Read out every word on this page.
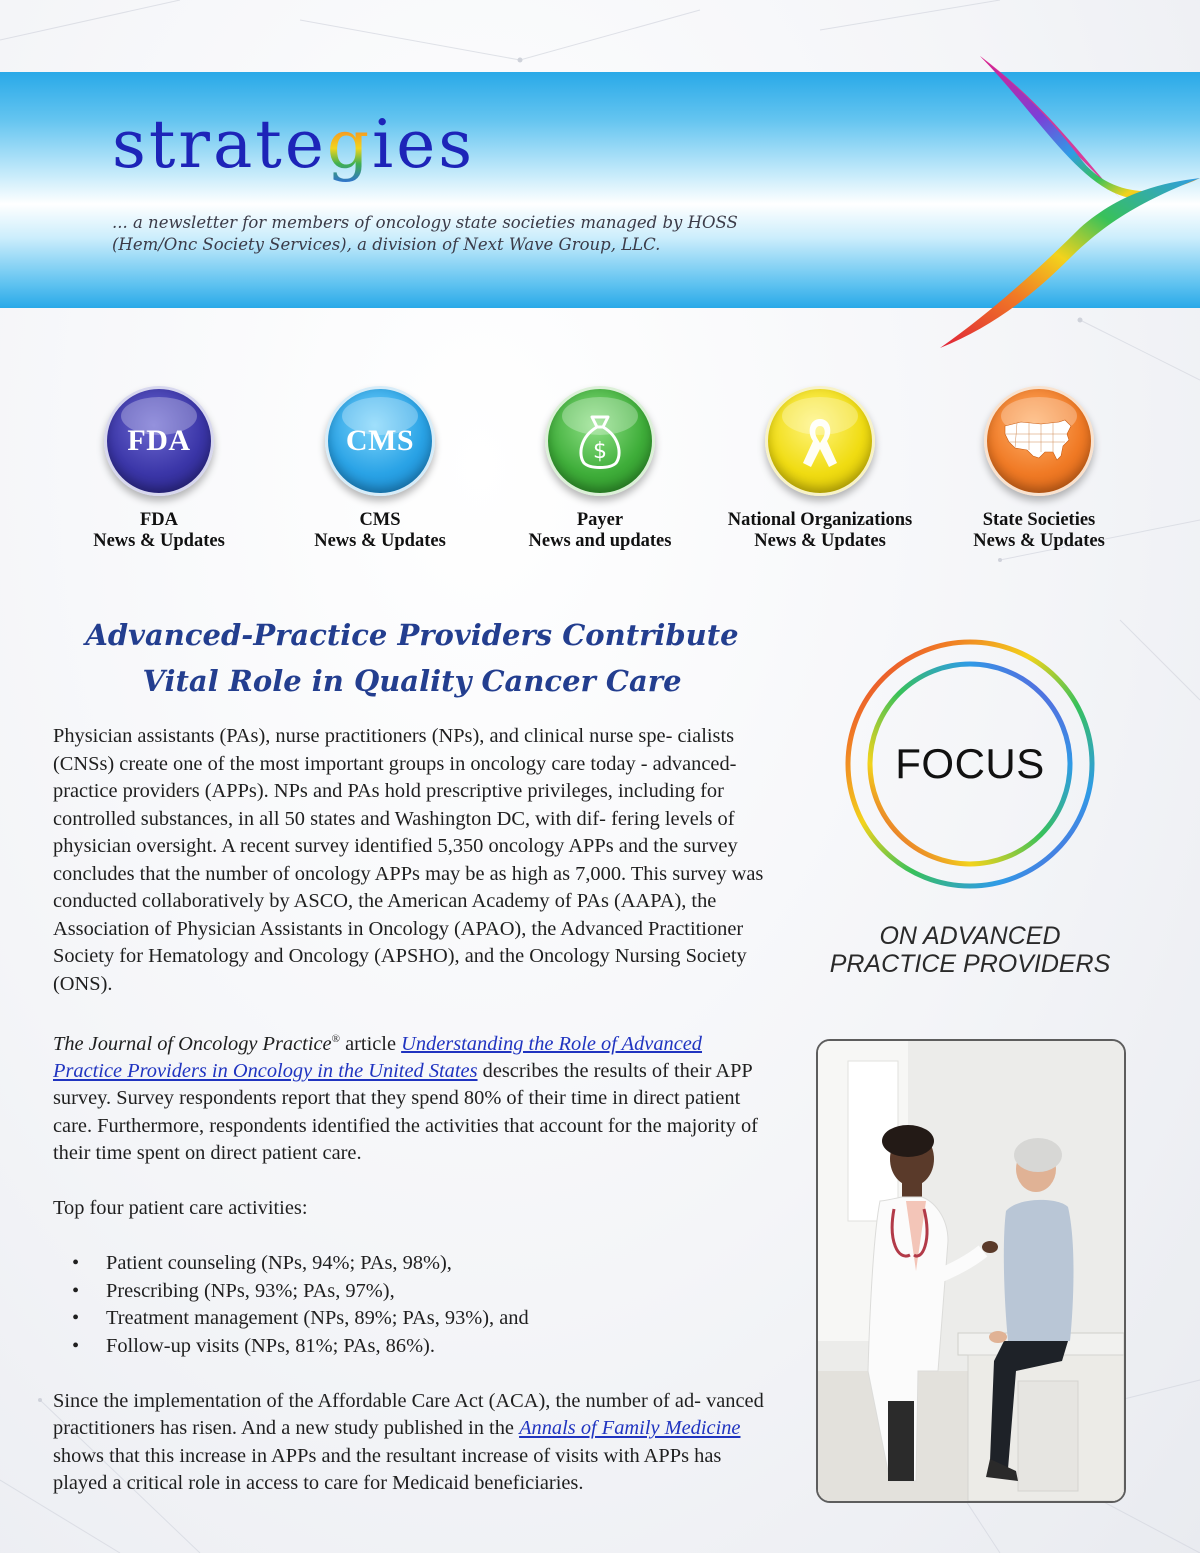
strategies
... a newsletter for members of oncology state societies managed by HOSS
(Hem/Onc Society Services), a division of Next Wave Group, LLC.
FDA
FDA
News & Updates
CMS
CMS
News & Updates
$
Payer
News and updates
National Organizations
News & Updates
State Societies
News & Updates
Advanced-Practice Providers Contribute
Vital Role in Quality Cancer Care

Physician assistants (PAs), nurse practitioners (NPs), and clinical nurse spe- cialists (CNSs) create one of the most important groups in oncology care today - advanced-practice providers (APPs). NPs and PAs hold prescriptive privileges, including for controlled substances, in all 50 states and Washington DC, with dif- fering levels of physician oversight. A recent survey identified 5,350 oncology APPs and the survey concludes that the number of oncology APPs may be as high as 7,000. This survey was conducted collaboratively by ASCO, the American Academy of PAs (AAPA), the Association of Physician Assistants in Oncology (APAO), the Advanced Practitioner Society for Hematology and Oncology (APSHO), and the Oncology Nursing Society (ONS).

The Journal of Oncology Practice® article Understanding the Role of Advanced Practice Providers in Oncology in the United States describes the results of their APP survey. Survey respondents report that they spend 80% of their time in direct patient care. Furthermore, respondents identified the activities that account for the majority of their time spent on direct patient care.

Top four patient care activities:

• Patient counseling (NPs, 94%; PAs, 98%),
• Prescribing (NPs, 93%; PAs, 97%),
• Treatment management (NPs, 89%; PAs, 93%), and
• Follow-up visits (NPs, 81%; PAs, 86%).

Since the implementation of the Affordable Care Act (ACA), the number of ad- vanced practitioners has risen. And a new study published in the Annals of Family Medicine shows that this increase in APPs and the resultant increase of visits with APPs has played a critical role in access to care for Medicaid beneficiaries.

FOCUS
ON ADVANCED
PRACTICE PROVIDERS
